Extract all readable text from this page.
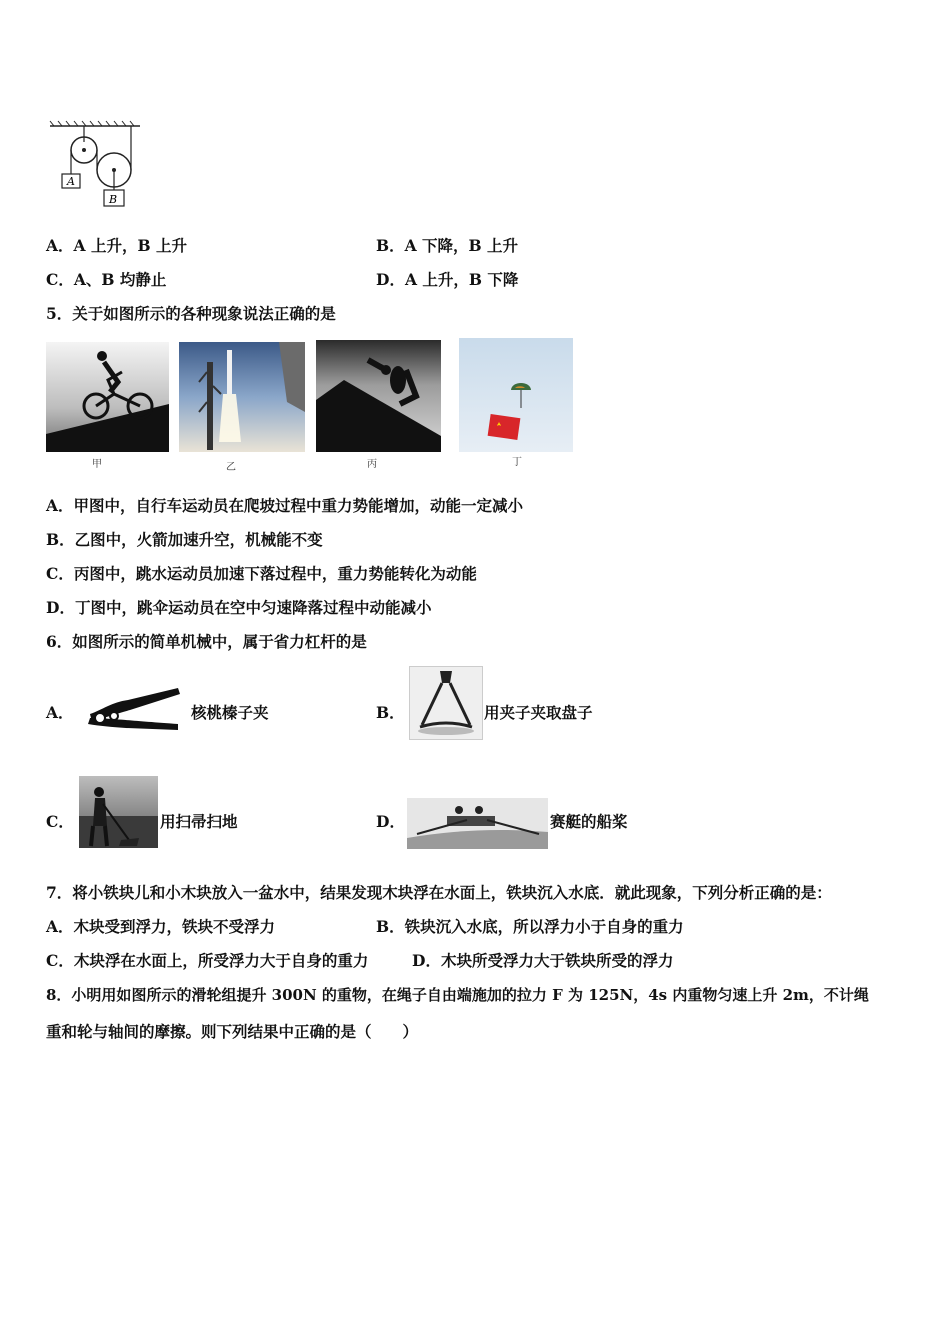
A
B
A．A 上升，B 上升	B．A 下降，B 上升
C．A、B 均静止	D．A 上升，B 下降
5．关于如图所示的各种现象说法正确的是
甲	乙	丙	丁
A．甲图中，自行车运动员在爬坡过程中重力势能增加，动能一定减小
B．乙图中，火箭加速升空，机械能不变
C．丙图中，跳水运动员加速下落过程中，重力势能转化为动能
D．丁图中，跳伞运动员在空中匀速降落过程中动能减小
6．如图所示的简单机械中，属于省力杠杆的是
A．	核桃榛子夹	B．	用夹子夹取盘子
C．	用扫帚扫地	D．	赛艇的船桨
7．将小铁块儿和小木块放入一盆水中，结果发现木块浮在水面上，铁块沉入水底．就此现象，下列分析正确的是：
A．木块受到浮力，铁块不受浮力	B．铁块沉入水底，所以浮力小于自身的重力
C．木块浮在水面上，所受浮力大于自身的重力	D．木块所受浮力大于铁块所受的浮力
8．小明用如图所示的滑轮组提升 300N 的重物，在绳子自由端施加的拉力 F 为 125N，4s 内重物匀速上升 2m，不计绳
重和轮与轴间的摩擦。则下列结果中正确的是（　　）
